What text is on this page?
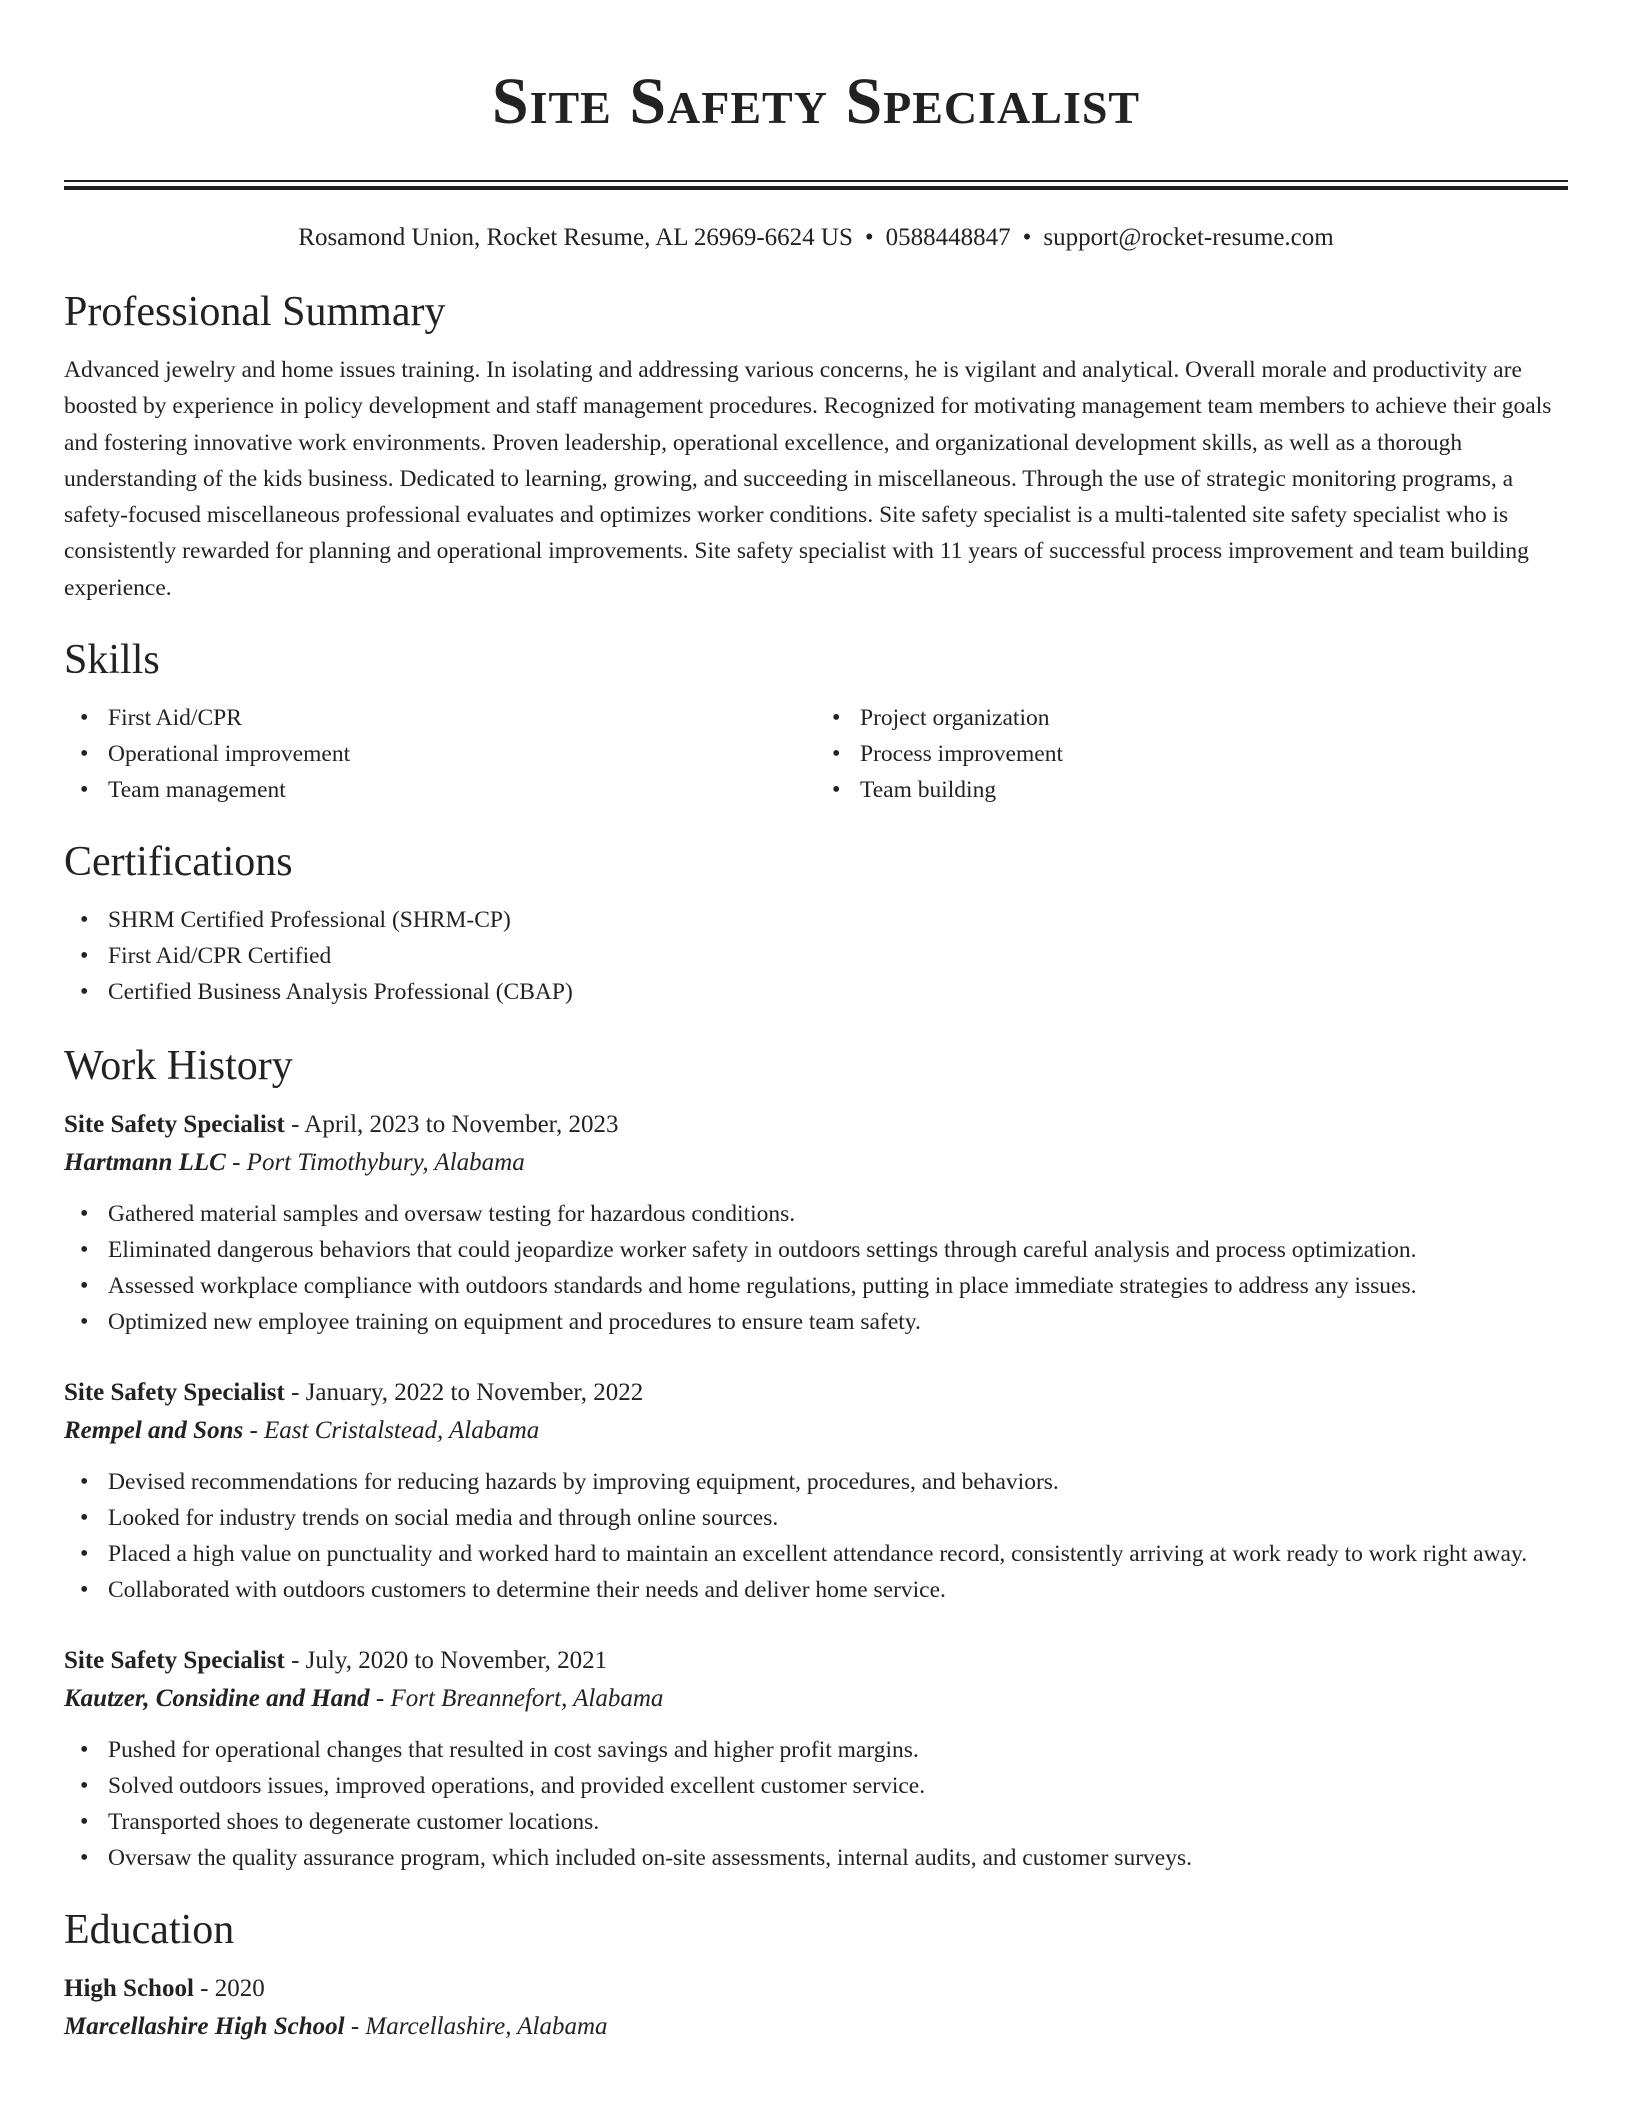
Site Safety Specialist
Rosamond Union, Rocket Resume, AL 26969-6624 US • 0588448847 • support@rocket-resume.com
Professional Summary

Advanced jewelry and home issues training. In isolating and addressing various concerns, he is vigilant and analytical. Overall morale and productivity are boosted by experience in policy development and staff management procedures. Recognized for motivating management team members to achieve their goals and fostering innovative work environments. Proven leadership, operational excellence, and organizational development skills, as well as a thorough understanding of the kids business. Dedicated to learning, growing, and succeeding in miscellaneous. Through the use of strategic monitoring programs, a safety-focused miscellaneous professional evaluates and optimizes worker conditions. Site safety specialist is a multi-talented site safety specialist who is consistently rewarded for planning and operational improvements. Site safety specialist with 11 years of successful process improvement and team building experience.

Skills
• First Aid/CPR
• Operational improvement
• Team management
• Project organization
• Process improvement
• Team building
Certifications
• SHRM Certified Professional (SHRM-CP)
• First Aid/CPR Certified
• Certified Business Analysis Professional (CBAP)
Work History
Site Safety Specialist - April, 2023 to November, 2023
Hartmann LLC - Port Timothybury, Alabama
• Gathered material samples and oversaw testing for hazardous conditions.
• Eliminated dangerous behaviors that could jeopardize worker safety in outdoors settings through careful analysis and process optimization.
• Assessed workplace compliance with outdoors standards and home regulations, putting in place immediate strategies to address any issues.
• Optimized new employee training on equipment and procedures to ensure team safety.
Site Safety Specialist - January, 2022 to November, 2022
Rempel and Sons - East Cristalstead, Alabama
• Devised recommendations for reducing hazards by improving equipment, procedures, and behaviors.
• Looked for industry trends on social media and through online sources.
• Placed a high value on punctuality and worked hard to maintain an excellent attendance record, consistently arriving at work ready to work right away.
• Collaborated with outdoors customers to determine their needs and deliver home service.
Site Safety Specialist - July, 2020 to November, 2021
Kautzer, Considine and Hand - Fort Breannefort, Alabama
• Pushed for operational changes that resulted in cost savings and higher profit margins.
• Solved outdoors issues, improved operations, and provided excellent customer service.
• Transported shoes to degenerate customer locations.
• Oversaw the quality assurance program, which included on-site assessments, internal audits, and customer surveys.
Education
High School - 2020
Marcellashire High School - Marcellashire, Alabama
